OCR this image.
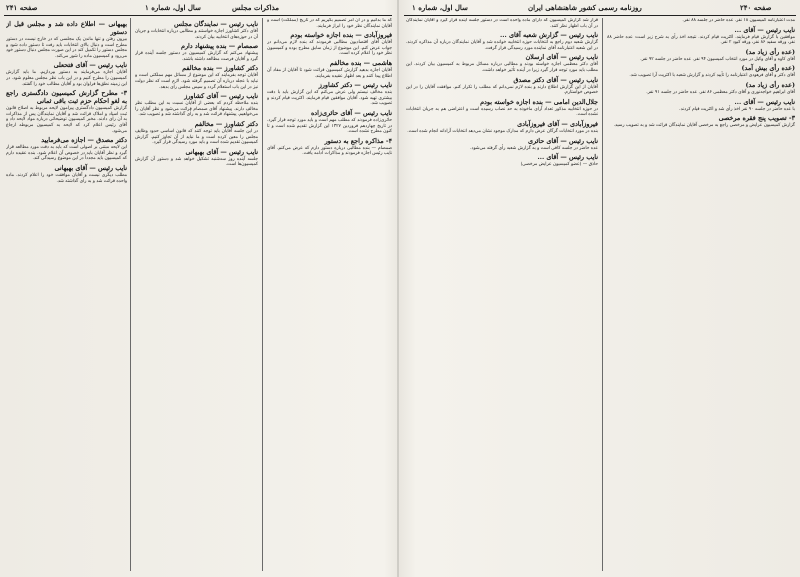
صفحه ۲۴۱	سال اول، شماره ۱	مذاکرات مجلس	سال اول، شماره ۱	روزنامه رسمی کشور شاهنشاهی ایران	صفحه ۲۴۰
بهبهانی — اطلاع داده شد و مجلس قبل از دستور

بیرون رفتن و تنها ماندن یک مجلسی که در خارج نیست در دستور مطرح است و دنبال بالای انتخابات باید رفت تا دستور داده شود و مجلس دستور را تکمیل کند در این صورت مجلس دنبال دستور خود می‌رود و کمیسیون ماده را شور می‌کند.

نایب رئیس — آقای فتحعلی

آقایان اجازه می‌فرمایند به دستور بپردازیم. ما باید گزارش کمیسیون را مطرح کنیم و در این باب نظر مجلس معلوم شود. در این زمینه نطق‌ها فراوان بود و آقایان مطالب خود را گفتند.

۳- مطرح گزارش کمیسیون دادگستری راجع به لغو احکام حزم ثبت باقی ثمانی

گزارش کمیسیون دادگستری پیرامون لایحه مربوط به اصلاح قانون ثبت اسناد و املاک قرائت شد و آقایان نمایندگان پس از مذاکرات به آن رأی دادند. مخبر کمیسیون توضیحاتی درباره مواد لایحه داد و آقای رئیس اعلام کرد که لایحه به کمیسیون مربوطه ارجاع می‌شود.

دکتر مصدق — اجازه می‌فرمایید

این لایحه مبتنی بر اصولی است که باید به دقت مورد مطالعه قرار گیرد و نظر آقایان باید در خصوص آن اعلام شود. بنده عقیده دارم که کمیسیون باید مجدداً در این موضوع رسیدگی کند.

نایب رئیس — آقای بهبهانی

مطلب دیگری نیست و آقایان موافقت خود را اعلام کردند. ماده واحده قرائت شد و به رأی گذاشته شد.

نایب رئیس — نمایندگان مجلس

آقای دکتر کشاورز اجازه خواستند و مطالبی درباره انتخابات و جریان آن در حوزه‌های انتخابیه بیان کردند.

صمصام — بنده پیشنهاد دارم

پیشنهاد می‌کنم که گزارش کمیسیون در دستور جلسه آینده قرار گیرد و آقایان فرصت مطالعه داشته باشند.

دکتر کشاورز — بنده مخالفم

آقایان توجه بفرمایند که این موضوع از مسائل مهم مملکتی است و نباید با عجله درباره آن تصمیم گرفته شود. لازم است که نظر دولت نیز در این باب استعلام گردد و سپس مجلس رأی بدهد.

نایب رئیس — آقای کشاورز

بنده ملاحظه کردم که بعضی از آقایان نسبت به این مطلب نظر مخالف دارند. پیشنهاد آقای صمصام قرائت می‌شود و نظر آقایان را می‌خواهیم. پیشنهاد قرائت شد و به رأی گذاشته شد و تصویب شد.

دکتر کشاورز — مخالفم

در این جلسه آقایان باید توجه کنند که قانون اساسی حدود وظایف مجلس را معین کرده است و ما نباید از آن تجاوز کنیم. گزارش کمیسیون تقدیم شده است و باید مورد رسیدگی قرار گیرد.

نایب رئیس — آقای بهبهانی

جلسه آینده روز سه‌شنبه تشکیل خواهد شد و دستور آن گزارش کمیسیون‌ها است.

که ما بدانیم و در آن امر تصمیم بگیریم که در تاریخ (مملکت) است و آقایان نمایندگان نظر خود را ابراز فرمایند.

فیروزآبادی — بنده اجازه خواسته بودم

آقایان آقای اقتصادیون مطالبی فرمودند که بنده لازم می‌دانم در جواب عرض کنم. این موضوع از زمان سابق مطرح بوده و کمیسیون نظر خود را اعلام کرده است.

هاشمی — بنده مخالفم

آقایان اجازه بدهید گزارش کمیسیون قرائت شود تا آقایان از مفاد آن اطلاع پیدا کنند و بعد اظهار عقیده بفرمایند.

نایب رئیس — دکتر کشاورز

بنده مخالف نیستم ولی عرض می‌کنم که این گزارش باید با دقت بیشتری تهیه شود. آقایان موافقین قیام فرمایند. اکثریت قیام کردند و تصویب شد.

نایب رئیس — آقای حائری‌زاده

حائری‌زاده فرمودند که مطلب مهم است و باید مورد توجه قرار گیرد. در تاریخ چهاردهم فروردین ۱۳۲۷ این گزارش تقدیم شده است و تا کنون مطرح نشده است.

۴- مذاکره راجع به دستور

صمصام — بنده مطالبی درباره دستور دارم که عرض می‌کنم. آقای نایب رئیس اجازه فرمودند و مذاکرات ادامه یافت.

قرار شد گزارش کمیسیون که دارای ماده واحده است در دستور جلسه آینده قرار گیرد و آقایان نمایندگان در آن باب اظهار نظر کنند.

نایب رئیس — گزارش شعبه آقای ...

گزارش شعبه دوم راجع به انتخابات حوزه انتخابیه خوانده شد و آقایان نمایندگان درباره آن مذاکره کردند. در این شعبه اعتبارنامه آقای نماینده مورد رسیدگی قرار گرفت.

نایب رئیس — آقای ارسلان

آقای دکتر معظمی اجازه خواسته بودند و مطالبی درباره مسائل مربوط به کمیسیون بیان کردند. این مطلب باید مورد توجه قرار گیرد زیرا در آینده تأثیر خواهد داشت.

نایب رئیس — آقای دکتر مصدق

آقایان از این گزارش اطلاع دارند و بنده لازم نمی‌دانم که مطلب را تکرار کنم. موافقت آقایان را در این خصوص خواستارم.

جلال‌الدین امامی — بنده اجازه خواسته بودم

در حوزه انتخابیه مذکور تعداد آرای ماخوذه به حد نصاب رسیده است و اعتراضی هم به جریان انتخابات نشده است.

فیروزآبادی — آقای فیروزآبادی

بنده در مورد انتخابات گرگان عرض دارم که مدارک موجود نشان می‌دهد انتخابات آزادانه انجام شده است.

نایب رئیس — آقای حائری

عده حاضر در جلسه کافی است و به گزارش شعبه رأی گرفته می‌شود.

نایب رئیس — آقای ...

حاذق — (عضو کمیسیون عرایض مرخصی)

مدت اعتبارنامه کمیسیون ۱۸ نفر. عده حاضر در جلسه ۸۸ نفر.

نایب رئیس — آقای ...

موافقین با گزارش قیام فرمایند. اکثریت قیام کردند. نتیجه اخذ رأی به شرح زیر است: عده حاضر ۸۸ نفر، ورقه سفید ۸۶ نفر، ورقه کبود ۲ نفر.

(عده رأی زیاد مد)

آقای کاوه و آقای وکیل در مورد انتخاب کمیسیون ۹۴ نفر. عده حاضر در جلسه ۹۲ نفر.

(عده رأی بیش آمد)

آقای دکتر و آقای فرهودی اعتبارنامه را تأیید کردند و گزارش شعبه با اکثریت آرا تصویب شد.

(عده رأی زیاد مد)

آقای ابراهیم خواجه‌نوری و آقای دکتر معظمی ۸۶ نفر. عده حاضر در جلسه ۹۱ نفر.

نایب رئیس — آقای ...

با عده حاضر در جلسه ۹۰ نفر اخذ رأی شد و اکثریت قیام کردند.

۳- تصویب پنج فقره مرخصی

گزارش کمیسیون عرایض و مرخصی راجع به مرخصی آقایان نمایندگان قرائت شد و به تصویب رسید.
